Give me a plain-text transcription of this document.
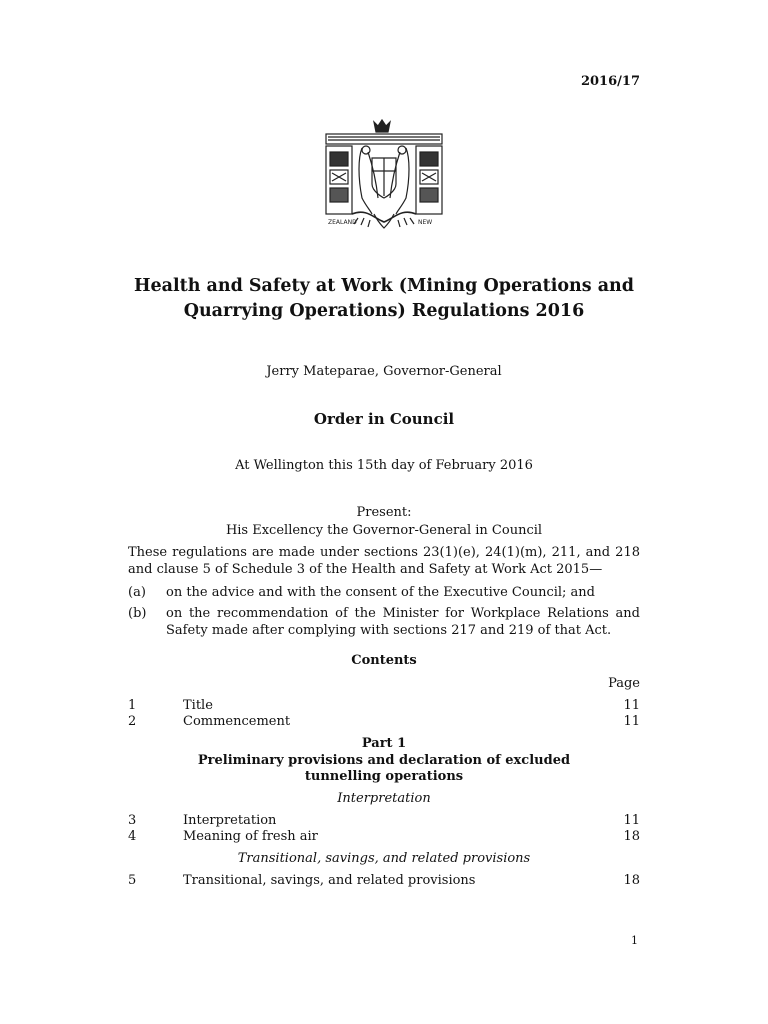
2016/17
ZEALAND	NEW
Health and Safety at Work (Mining Operations and Quarrying Operations) Regulations 2016
Jerry Mateparae, Governor-General
Order in Council
At Wellington this 15th day of February 2016
Present:
His Excellency the Governor-General in Council
These regulations are made under sections 23(1)(e), 24(1)(m), 211, and 218 and clause 5 of Schedule 3 of the Health and Safety at Work Act 2015—
(a) on the advice and with the consent of the Executive Council; and
(b) on the recommendation of the Minister for Workplace Relations and Safety made after complying with sections 217 and 219 of that Act.
Contents
Page
1	Title	11
2	Commencement	11
Part 1
Preliminary provisions and declaration of excluded tunnelling operations
Interpretation
3	Interpretation	11
4	Meaning of fresh air	18
Transitional, savings, and related provisions
5	Transitional, savings, and related provisions	18
1
